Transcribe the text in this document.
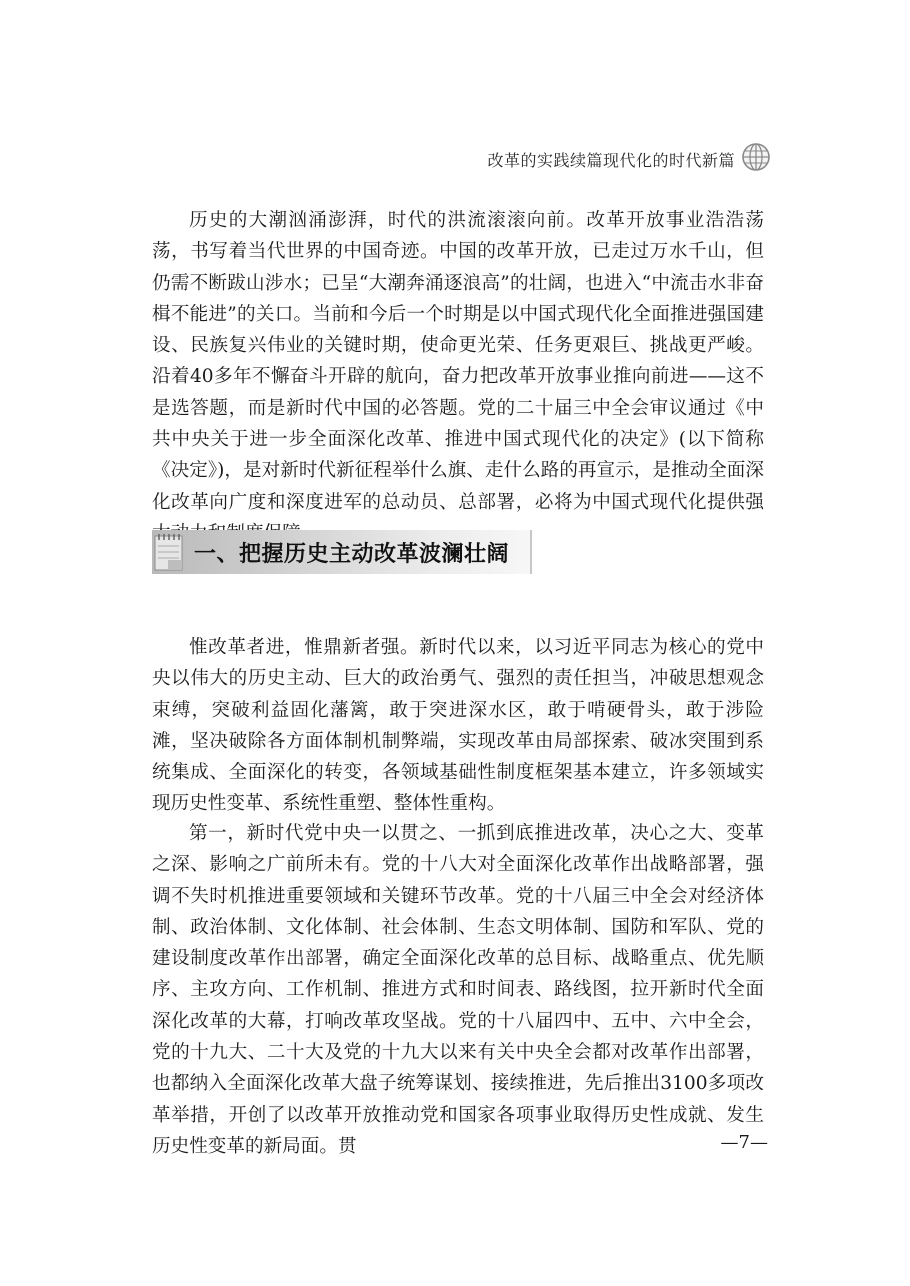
改革的实践续篇现代化的时代新篇

历史的大潮汹涌澎湃，时代的洪流滚滚向前。改革开放事业浩浩荡荡，书写着当代世界的中国奇迹。中国的改革开放，已走过万水千山，但仍需不断跋山涉水；已呈“大潮奔涌逐浪高”的壮阔，也进入“中流击水非奋楫不能进”的关口。当前和今后一个时期是以中国式现代化全面推进强国建设、民族复兴伟业的关键时期，使命更光荣、任务更艰巨、挑战更严峻。沿着40多年不懈奋斗开辟的航向，奋力把改革开放事业推向前进——这不是选答题，而是新时代中国的必答题。党的二十届三中全会审议通过《中共中央关于进一步全面深化改革、推进中国式现代化的决定》(以下简称《决定》)，是对新时代新征程举什么旗、走什么路的再宣示，是推动全面深化改革向广度和深度进军的总动员、总部署，必将为中国式现代化提供强

一、把握历史主动改革波澜壮阔

惟改革者进，惟鼎新者强。新时代以来，以习近平同志为核心的党中央以伟大的历史主动、巨大的政治勇气、强烈的责任担当，冲破思想观念束缚，突破利益固化藩篱，敢于突进深水区，敢于啃硬骨头，敢于涉险滩，坚决破除各方面体制机制弊端，实现改革由局部探索、破冰突围到系统集成、全面深化的转变，各领域基础性制度框架基本建立，许多领域实现历史性变革、系统性重塑、整体性重构。

第一，新时代党中央一以贯之、一抓到底推进改革，决心之大、变革之深、影响之广前所未有。党的十八大对全面深化改革作出战略部署，强调不失时机推进重要领域和关键环节改革。党的十八届三中全会对经济体制、政治体制、文化体制、社会体制、生态文明体制、国防和军队、党的建设制度改革作出部署，确定全面深化改革的总目标、战略重点、优先顺序、主攻方向、工作机制、推进方式和时间表、路线图，拉开新时代全面深化改革的大幕，打响改革攻坚战。党的十八届四中、五中、六中全会，党的十九大、二十大及党的十九大以来有关中央全会都对改革作出部署，也都纳入全面深化改革大盘子统筹谋划、接续推进，先后推出3100多项改革举措，开创了以改革开放推动党和国家各项事业取得历史性成就、发生历史性变革的新局面。贯	—7—
